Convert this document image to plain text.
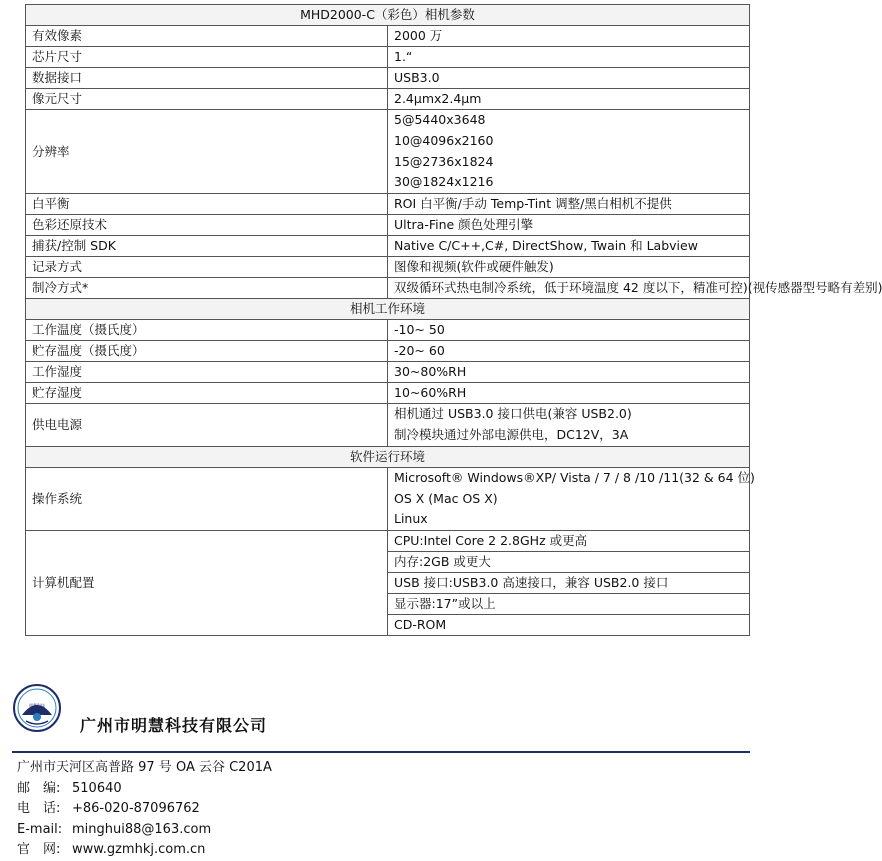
MHD2000-C（彩色）相机参数	
有效像素	2000 万
芯片尺寸	1.“
数据接口	USB3.0
像元尺寸	2.4μmx2.4μm
分辨率	5@5440x3648
10@4096x2160
15@2736x1824
30@1824x1216

白平衡	ROI 白平衡/手动 Temp-Tint 调整/黑白相机不提供
色彩还原技术	Ultra-Fine 颜色处理引擎
捕获/控制 SDK	Native C/C++,C#, DirectShow, Twain 和 Labview
记录方式	图像和视频(软件或硬件触发)
制冷方式*	双级循环式热电制冷系统，低于环境温度 42 度以下，精准可控)(视传感器型号略有差别)
相机工作环境	
工作温度（摄氏度）	-10~ 50
贮存温度（摄氏度）	-20~ 60
工作湿度	30~80%RH
贮存湿度	10~60%RH
供电电源	相机通过 USB3.0 接口供电(兼容 USB2.0)
制冷模块通过外部电源供电，DC12V，3A

软件运行环境	
操作系统	Microsoft® Windows®XP/ Vista / 7 / 8 /10 /11(32 & 64 位)
OS X (Mac OS X)
Linux

计算机配置	CPU:Intel Core 2 2.8GHz 或更高
内存:2GB 或更大
USB 接口:USB3.0 高速接口，兼容 USB2.0 接口
显示器:17”或以上
CD-ROM
明慧科技
广州市明慧科技有限公司
广州市天河区高普路 97 号 OA 云谷 C201A
邮　编: 510640
电　话: +86-020-87096762
E-mail: minghui88@163.com
官　网: www.gzmhkj.com.cn
